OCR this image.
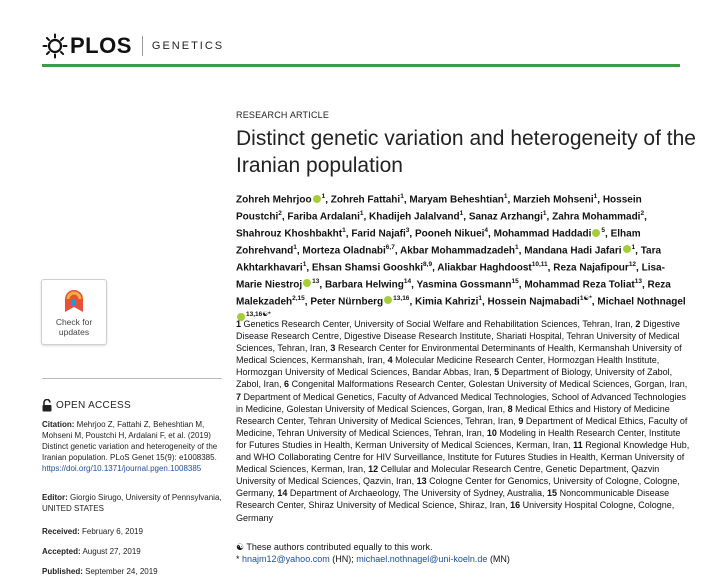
PLOS GENETICS
RESEARCH ARTICLE
Distinct genetic variation and heterogeneity of the Iranian population
Zohreh Mehrjoo $^1$, Zohreh Fattahi$^1$, Maryam Beheshtian$^1$, Marzieh Mohseni$^1$, Hossein Poustchi$^2$, Fariba Ardalani$^1$, Khadijeh Jalalvand$^1$, Sanaz Arzhangi$^1$, Zahra Mohammadi$^2$, Shahrouz Khoshbakht$^1$, Farid Najafi$^3$, Pooneh Nikuei$^4$, Mohammad Haddadi $^5$, Elham Zohrehvand$^1$, Morteza Oladnabi$^{6,7}$, Akbar Mohammadzadeh$^1$, Mandana Hadi Jafari $^1$, Tara Akhtarkhavari$^1$, Ehsan Shamsi Gooshki$^{8,9}$, Aliakbar Haghdoost$^{10,11}$, Reza Najafipour$^{12}$, Lisa-Marie Niestroj $^{13}$, Barbara Helwing$^{14}$, Yasmina Gossmann$^{15}$, Mohammad Reza Toliat$^{13}$, Reza Malekzadeh$^{2,15}$, Peter Nürnberg $^{13,16}$, Kimia Kahrizi$^1$, Hossein Najmabadi$^{1☯*}$, Michael Nothnagel$^{13,16☯*}$
1 Genetics Research Center, University of Social Welfare and Rehabilitation Sciences, Tehran, Iran, 2 Digestive Disease Research Centre, Digestive Disease Research Institute, Shariati Hospital, Tehran University of Medical Sciences, Tehran, Iran, 3 Research Center for Environmental Determinants of Health, Kermanshah University of Medical Sciences, Kermanshah, Iran, 4 Molecular Medicine Research Center, Hormozgan Health Institute, Hormozgan University of Medical Sciences, Bandar Abbas, Iran, 5 Department of Biology, University of Zabol, Zabol, Iran, 6 Congenital Malformations Research Center, Golestan University of Medical Sciences, Gorgan, Iran, 7 Department of Medical Genetics, Faculty of Advanced Medical Technologies, School of Advanced Technologies in Medicine, Golestan University of Medical Sciences, Gorgan, Iran, 8 Medical Ethics and History of Medicine Research Center, Tehran University of Medical Sciences, Tehran, Iran, 9 Department of Medical Ethics, Faculty of Medicine, Tehran University of Medical Sciences, Tehran, Iran, 10 Modeling in Health Research Center, Institute for Futures Studies in Health, Kerman University of Medical Sciences, Kerman, Iran, 11 Regional Knowledge Hub, and WHO Collaborating Centre for HIV Surveillance, Institute for Futures Studies in Health, Kerman University of Medical Sciences, Kerman, Iran, 12 Cellular and Molecular Research Centre, Genetic Department, Qazvin University of Medical Sciences, Qazvin, Iran, 13 Cologne Center for Genomics, University of Cologne, Cologne, Germany, 14 Department of Archaeology, The University of Sydney, Australia, 15 Noncommunicable Disease Research Center, Shiraz University of Medical Science, Shiraz, Iran, 16 University Hospital Cologne, Cologne, Germany
☯ These authors contributed equally to this work.
* hnajm12@yahoo.com (HN); michael.nothnagel@uni-koeln.de (MN)
Check for
updates
OPEN ACCESS
Citation: Mehrjoo Z, Fattahi Z, Beheshtian M, Mohseni M, Poustchi H, Ardalani F, et al. (2019) Distinct genetic variation and heterogeneity of the Iranian population. PLoS Genet 15(9): e1008385. https://doi.org/10.1371/journal.pgen.1008385
Editor: Giorgio Sirugo, University of Pennsylvania, UNITED STATES
Received: February 6, 2019
Accepted: August 27, 2019
Published: September 24, 2019
